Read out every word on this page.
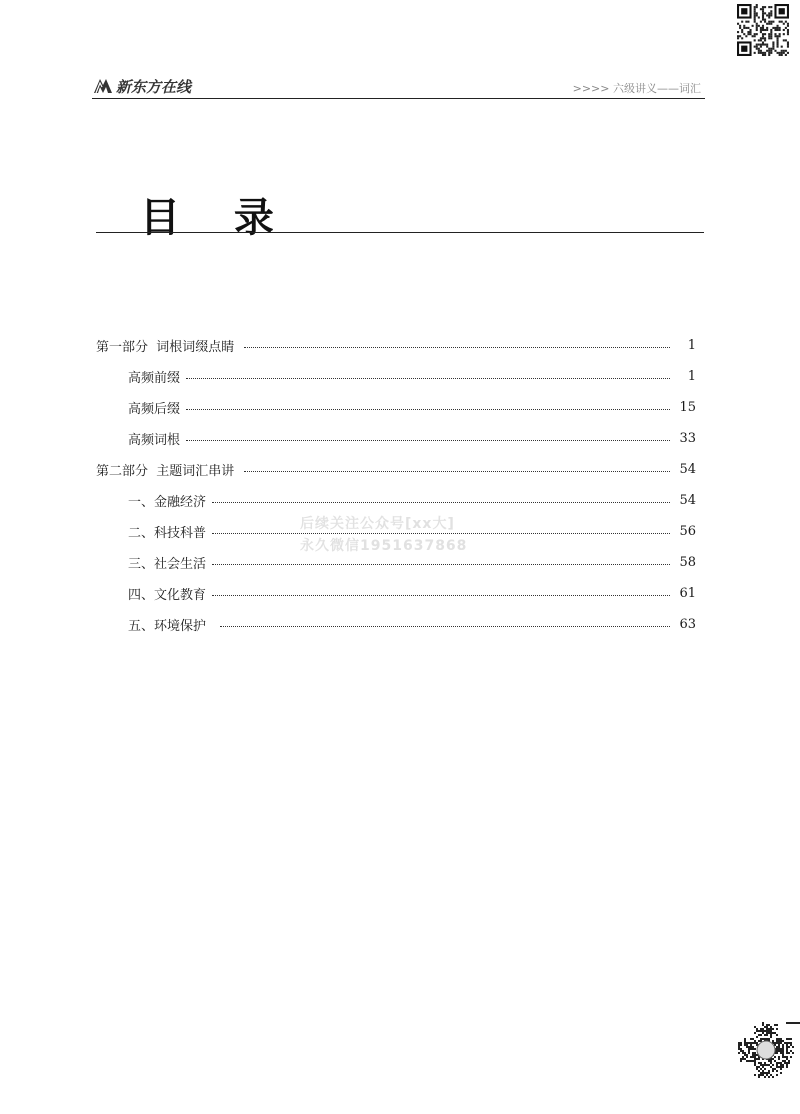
新东方在线	>>>> 六级讲义——词汇
目 录
第一部分  词根词缀点睛	1
高频前缀	1
高频后缀	15
高频词根	33
第二部分  主题词汇串讲	54
一、金融经济	54
二、科技科普	56
三、社会生活	58
四、文化教育	61
五、环境保护	63
后续关注公众号[xx大]
永久微信1951637868
